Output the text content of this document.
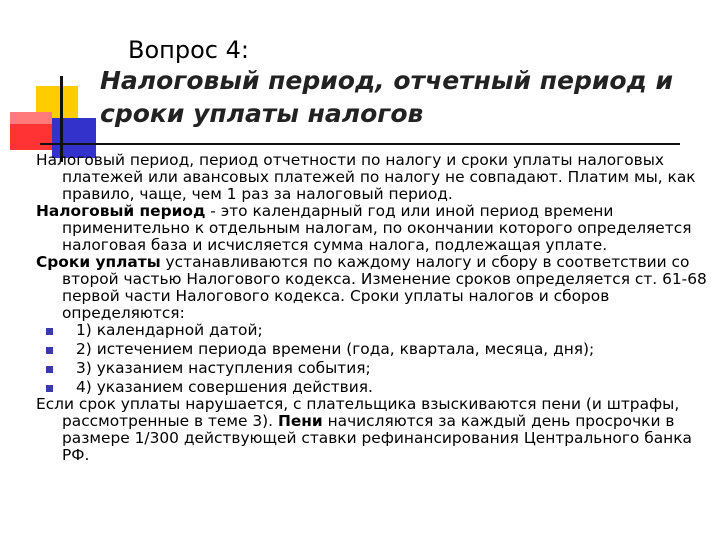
Вопрос 4:
Налоговый период, отчетный период и сроки уплаты налогов

Налоговый период, период отчетности по налогу и сроки уплаты налоговых платежей или авансовых платежей по налогу не совпадают. Платим мы, как правило, чаще, чем 1 раз за налоговый период.

Налоговый период - это календарный год или иной период времени применительно к отдельным налогам, по окончании которого определяется налоговая база и исчисляется сумма налога, подлежащая уплате.

Сроки уплаты устанавливаются по каждому налогу и сбору в соответствии со второй частью Налогового кодекса. Изменение сроков определяется ст. 61-68 первой части Налогового кодекса. Сроки уплаты налогов и сборов определяются:

1) календарной датой;
2) истечением периода времени (года, квартала, месяца, дня);
3) указанием наступления события;
4) указанием совершения действия.

Если срок уплаты нарушается, с плательщика взыскиваются пени (и штрафы, рассмотренные в теме 3). Пени начисляются за каждый день просрочки в размере 1/300 действующей ставки рефинансирования Центрального банка РФ.
